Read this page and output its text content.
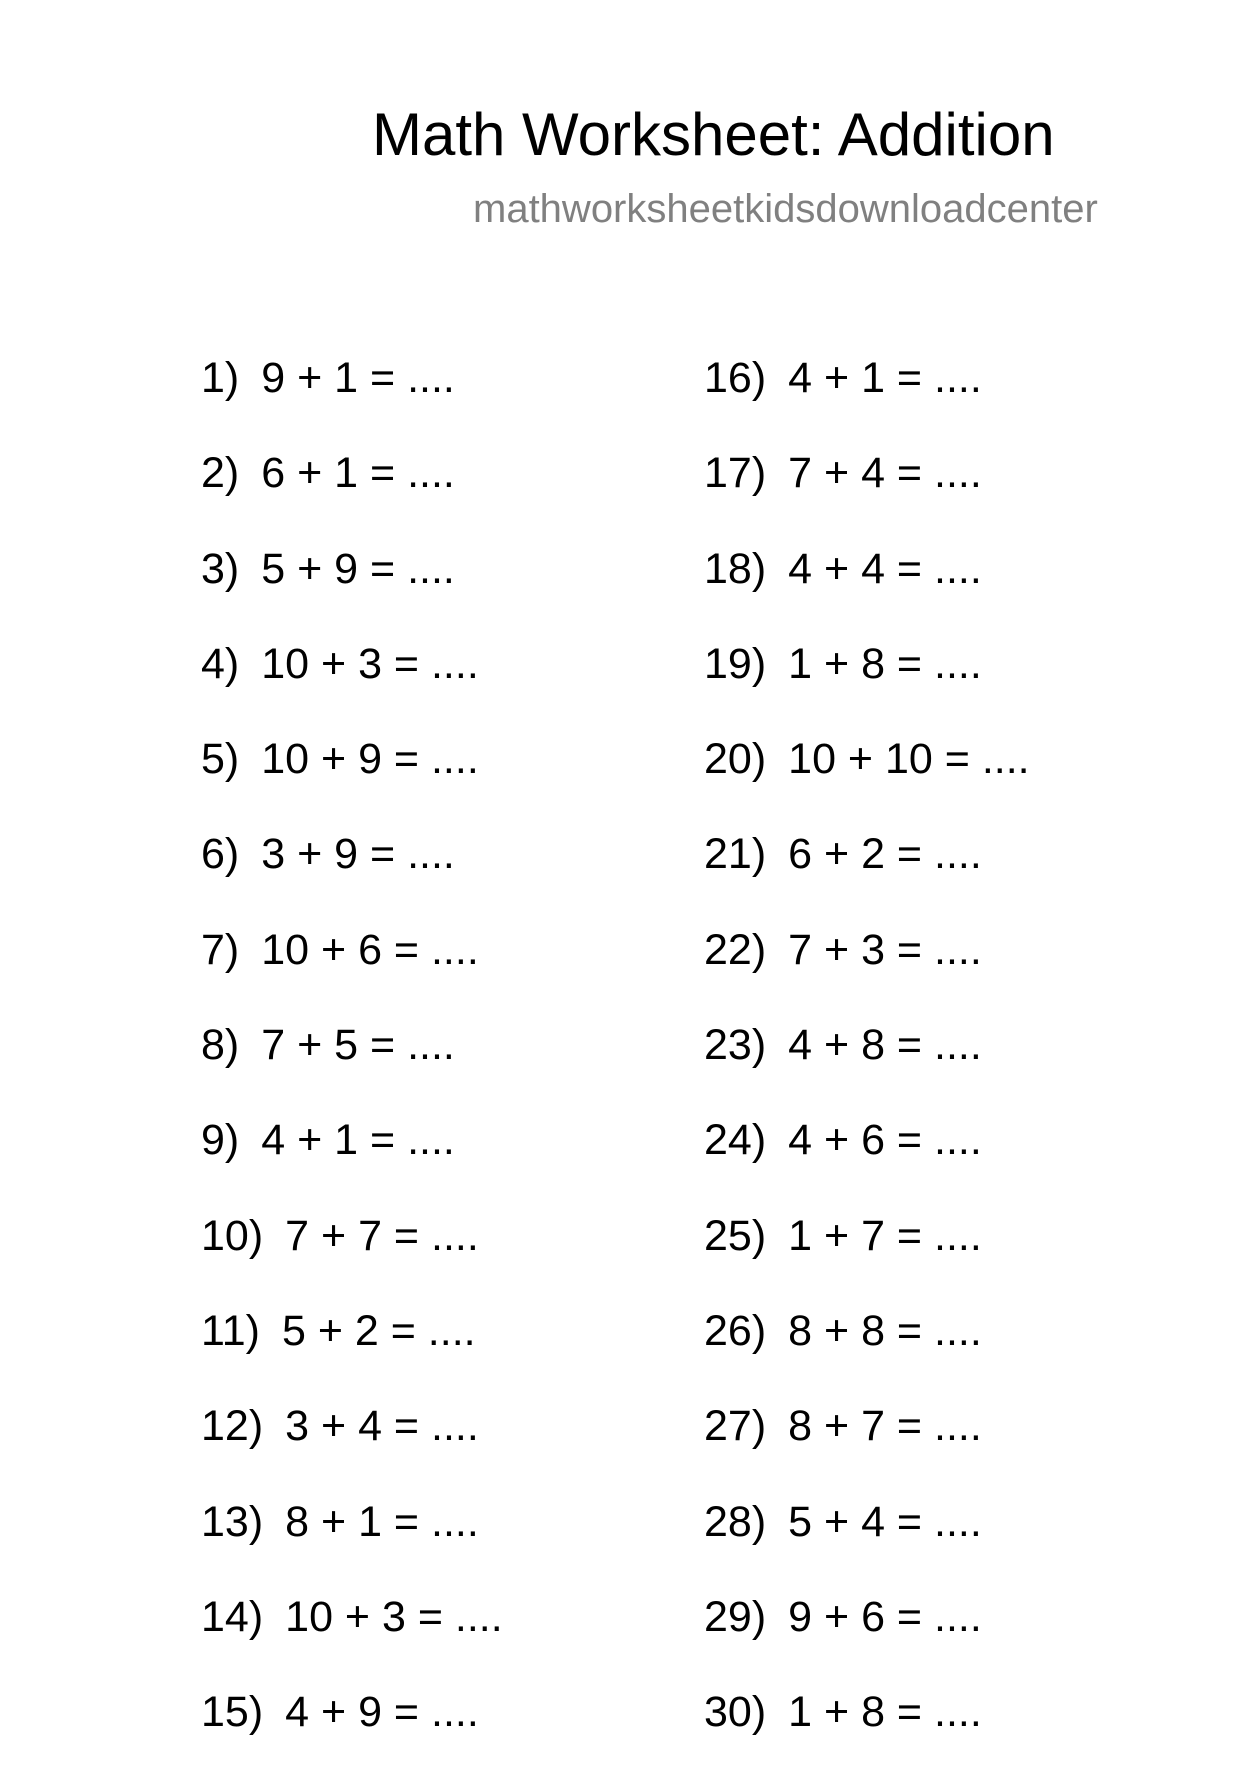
Math Worksheet: Addition
mathworksheetkidsdownloadcenter
1) 9 + 1 = ....
2) 6 + 1 = ....
3) 5 + 9 = ....
4) 10 + 3 = ....
5) 10 + 9 = ....
6) 3 + 9 = ....
7) 10 + 6 = ....
8) 7 + 5 = ....
9) 4 + 1 = ....
10) 7 + 7 = ....
11) 5 + 2 = ....
12) 3 + 4 = ....
13) 8 + 1 = ....
14) 10 + 3 = ....
15) 4 + 9 = ....
16) 4 + 1 = ....
17) 7 + 4 = ....
18) 4 + 4 = ....
19) 1 + 8 = ....
20) 10 + 10 = ....
21) 6 + 2 = ....
22) 7 + 3 = ....
23) 4 + 8 = ....
24) 4 + 6 = ....
25) 1 + 7 = ....
26) 8 + 8 = ....
27) 8 + 7 = ....
28) 5 + 4 = ....
29) 9 + 6 = ....
30) 1 + 8 = ....
